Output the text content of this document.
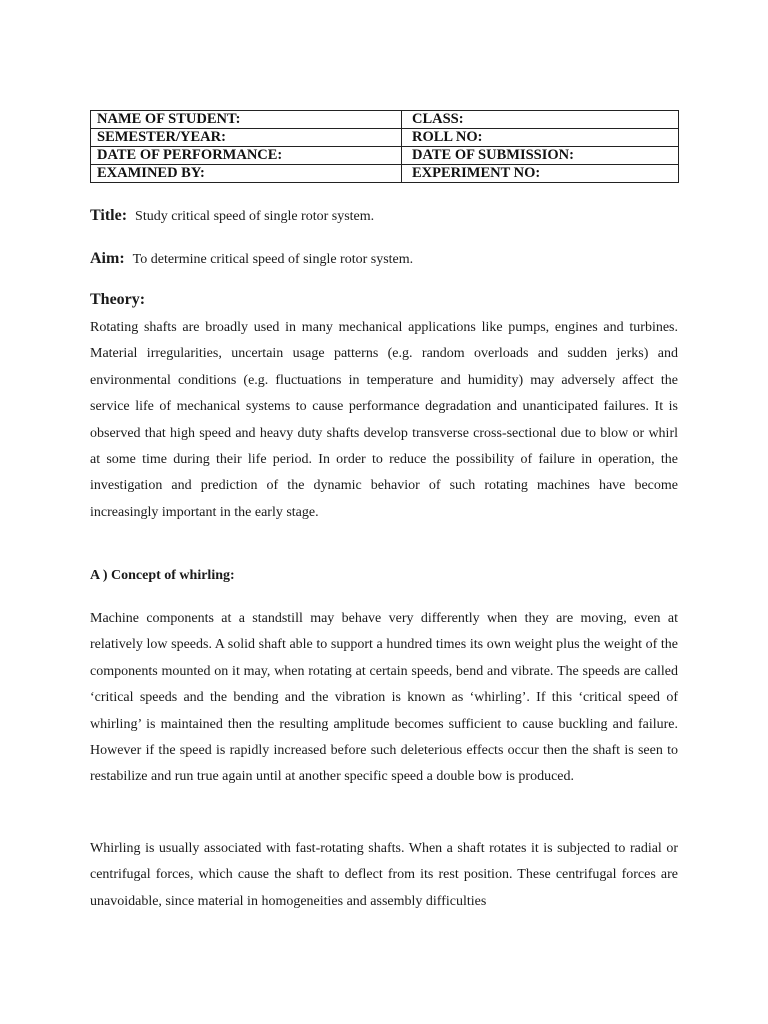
NAME OF STUDENT:	CLASS:
SEMESTER/YEAR:	ROLL NO:
DATE OF PERFORMANCE:	DATE OF SUBMISSION:
EXAMINED BY:	EXPERIMENT NO:
Title: Study critical speed of single rotor system.
Aim: To determine critical speed of single rotor system.
Theory:

Rotating shafts are broadly used in many mechanical applications like pumps, engines and turbines. Material irregularities, uncertain usage patterns (e.g. random overloads and sudden jerks) and environmental conditions (e.g. fluctuations in temperature and humidity) may adversely affect the service life of mechanical systems to cause performance degradation and unanticipated failures. It is observed that high speed and heavy duty shafts develop transverse cross-sectional due to blow or whirl at some time during their life period. In order to reduce the possibility of failure in operation, the investigation and prediction of the dynamic behavior of such rotating machines have become increasingly important in the early stage.

A ) Concept of whirling:

Machine components at a standstill may behave very differently when they are moving, even at relatively low speeds. A solid shaft able to support a hundred times its own weight plus the weight of the components mounted on it may, when rotating at certain speeds, bend and vibrate. The speeds are called ‘critical speeds and the bending and the vibration is known as ‘whirling’. If this ‘critical speed of whirling’ is maintained then the resulting amplitude becomes sufficient to cause buckling and failure. However if the speed is rapidly increased before such deleterious effects occur then the shaft is seen to restabilize and run true again until at another specific speed a double bow is produced.

Whirling is usually associated with fast-rotating shafts. When a shaft rotates it is subjected to radial or centrifugal forces, which cause the shaft to deflect from its rest position. These centrifugal forces are unavoidable, since material in homogeneities and assembly difficulties
